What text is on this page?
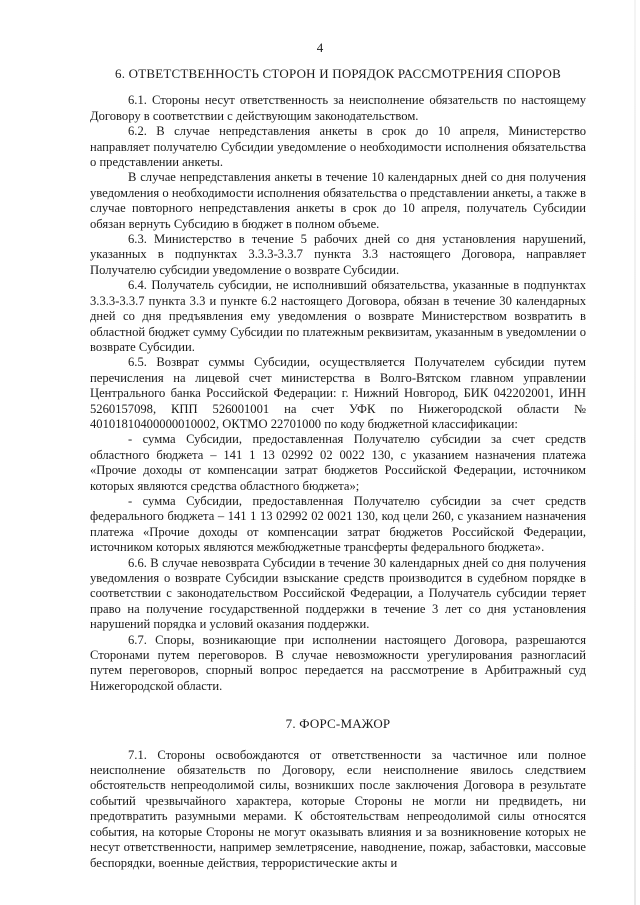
4
6. ОТВЕТСТВЕННОСТЬ СТОРОН И ПОРЯДОК РАССМОТРЕНИЯ СПОРОВ

6.1. Стороны несут ответственность за неисполнение обязательств по настоящему Договору в соответствии с действующим законодательством.

6.2. В случае непредставления анкеты в срок до 10 апреля, Министерство направляет получателю Субсидии уведомление о необходимости исполнения обязательства о представлении анкеты.

В случае непредставления анкеты в течение 10 календарных дней со дня получения уведомления о необходимости исполнения обязательства о представлении анкеты, а также в случае повторного непредставления анкеты в срок до 10 апреля, получатель Субсидии обязан вернуть Субсидию в бюджет в полном объеме.

6.3. Министерство в течение 5 рабочих дней со дня установления нарушений, указанных в подпунктах 3.3.3-3.3.7 пункта 3.3 настоящего Договора, направляет Получателю субсидии уведомление о возврате Субсидии.

6.4. Получатель субсидии, не исполнивший обязательства, указанные в подпунктах 3.3.3-3.3.7 пункта 3.3 и пункте 6.2 настоящего Договора, обязан в течение 30 календарных дней со дня предъявления ему уведомления о возврате Министерством возвратить в областной бюджет сумму Субсидии по платежным реквизитам, указанным в уведомлении о возврате Субсидии.

6.5. Возврат суммы Субсидии, осуществляется Получателем субсидии путем перечисления на лицевой счет министерства в Волго-Вятском главном управлении Центрального банка Российской Федерации: г. Нижний Новгород, БИК 042202001, ИНН 5260157098, КПП 526001001 на счет УФК по Нижегородской области № 40101810400000010002, ОКТМО 22701000 по коду бюджетной классификации:

- сумма Субсидии, предоставленная Получателю субсидии за счет средств областного бюджета – 141 1 13 02992 02 0022 130, с указанием назначения платежа «Прочие доходы от компенсации затрат бюджетов Российской Федерации, источником которых являются средства областного бюджета»;

- сумма Субсидии, предоставленная Получателю субсидии за счет средств федерального бюджета – 141 1 13 02992 02 0021 130, код цели 260, с указанием назначения платежа «Прочие доходы от компенсации затрат бюджетов Российской Федерации, источником которых являются межбюджетные трансферты федерального бюджета».

6.6. В случае невозврата Субсидии в течение 30 календарных дней со дня получения уведомления о возврате Субсидии взыскание средств производится в судебном порядке в соответствии с законодательством Российской Федерации, а Получатель субсидии теряет право на получение государственной поддержки в течение 3 лет со дня установления нарушений порядка и условий оказания поддержки.

6.7. Споры, возникающие при исполнении настоящего Договора, разрешаются Сторонами путем переговоров. В случае невозможности урегулирования разногласий путем переговоров, спорный вопрос передается на рассмотрение в Арбитражный суд Нижегородской области.

7. ФОРС-МАЖОР

7.1. Стороны освобождаются от ответственности за частичное или полное неисполнение обязательств по Договору, если неисполнение явилось следствием обстоятельств непреодолимой силы, возникших после заключения Договора в результате событий чрезвычайного характера, которые Стороны не могли ни предвидеть, ни предотвратить разумными мерами. К обстоятельствам непреодолимой силы относятся события, на которые Стороны не могут оказывать влияния и за возникновение которых не несут ответственности, например землетрясение, наводнение, пожар, забастовки, массовые беспорядки, военные действия, террористические акты и
